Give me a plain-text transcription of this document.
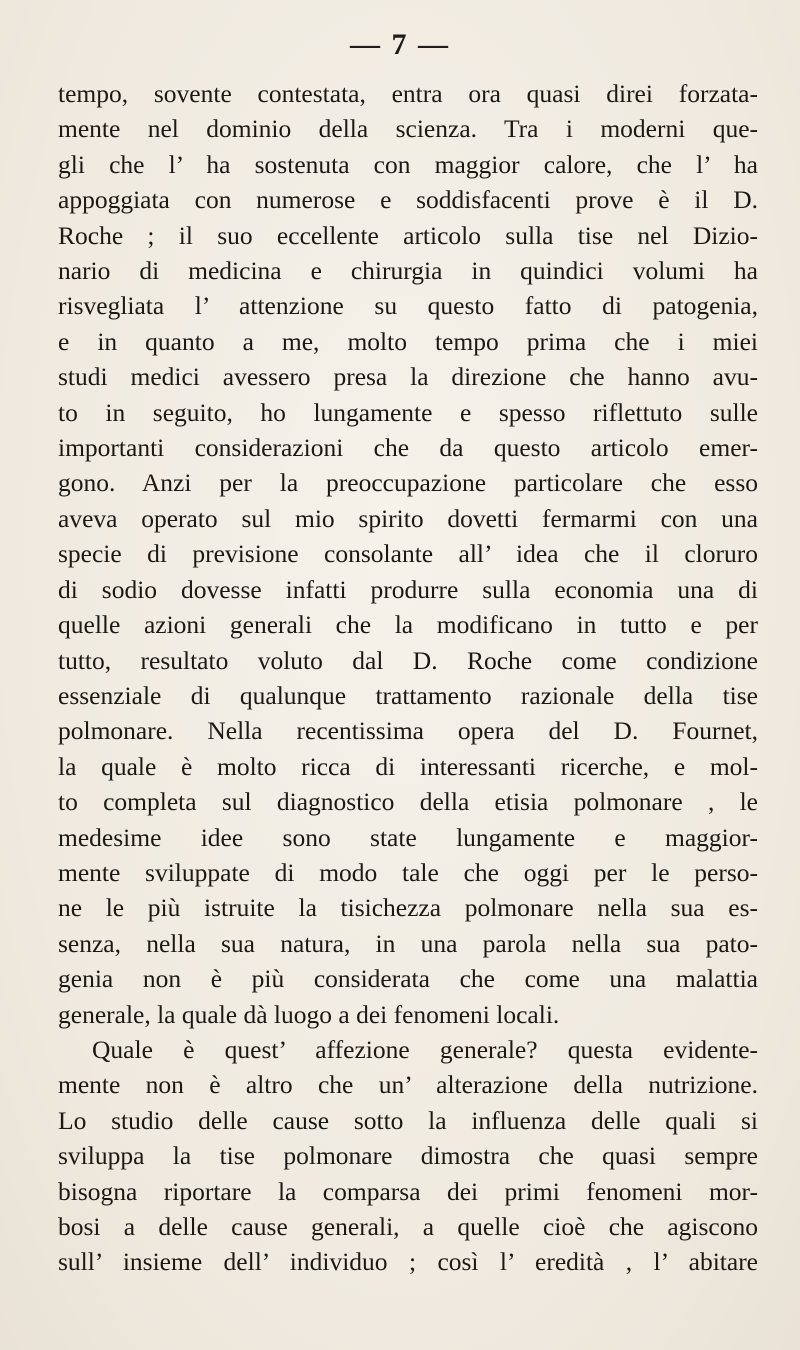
— 7 —
tempo, sovente contestata, entra ora quasi direi forzata-
mente nel dominio della scienza. Tra i moderni que-
gli che l’ ha sostenuta con maggior calore, che l’ ha
appoggiata con numerose e soddisfacenti prove è il D.
Roche ; il suo eccellente articolo sulla tise nel Dizio-
nario di medicina e chirurgia in quindici volumi ha
risvegliata l’ attenzione su questo fatto di patogenia,
e in quanto a me, molto tempo prima che i miei
studi medici avessero presa la direzione che hanno avu-
to in seguito, ho lungamente e spesso riflettuto sulle
importanti considerazioni che da questo articolo emer-
gono. Anzi per la preoccupazione particolare che esso
aveva operato sul mio spirito dovetti fermarmi con una
specie di previsione consolante all’ idea che il cloruro
di sodio dovesse infatti produrre sulla economia una di
quelle azioni generali che la modificano in tutto e per
tutto, resultato voluto dal D. Roche come condizione
essenziale di qualunque trattamento razionale della tise
polmonare. Nella recentissima opera del D. Fournet,
la quale è molto ricca di interessanti ricerche, e mol-
to completa sul diagnostico della etisia polmonare , le
medesime idee sono state lungamente e maggior-
mente sviluppate di modo tale che oggi per le perso-
ne le più istruite la tisichezza polmonare nella sua es-
senza, nella sua natura, in una parola nella sua pato-
genia non è più considerata che come una malattia
generale, la quale dà luogo a dei fenomeni locali.
Quale è quest’ affezione generale? questa evidente-
mente non è altro che un’ alterazione della nutrizione.
Lo studio delle cause sotto la influenza delle quali si
sviluppa la tise polmonare dimostra che quasi sempre
bisogna riportare la comparsa dei primi fenomeni mor-
bosi a delle cause generali, a quelle cioè che agiscono
sull’ insieme dell’ individuo ; così l’ eredità , l’ abitare
